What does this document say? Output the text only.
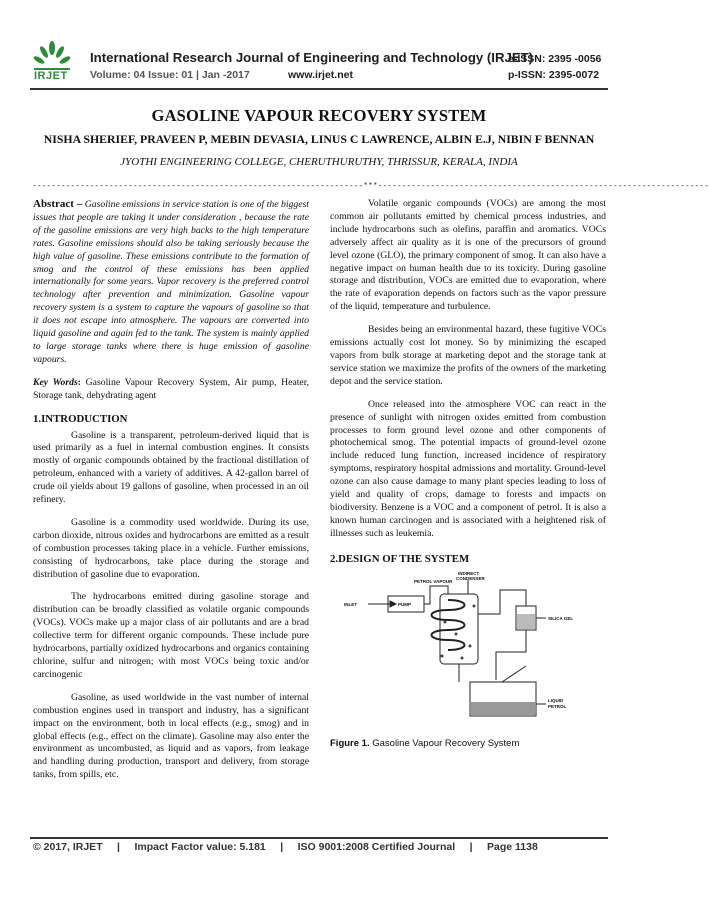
IRJET
International Research Journal of Engineering and Technology (IRJET)
Volume: 04 Issue: 01 | Jan -2017	www.irjet.net
e-ISSN: 2395 -0056
p-ISSN: 2395-0072
GASOLINE VAPOUR RECOVERY SYSTEM
NISHA SHERIEF, PRAVEEN P, MEBIN DEVASIA, LINUS C LAWRENCE, ALBIN E.J, NIBIN F BENNAN
JYOTHI ENGINEERING COLLEGE, CHERUTHURUTHY, THRISSUR, KERALA, INDIA
---------------------------------------------------------------------***---------------------------------------------------------------------

Abstract – Gasoline emissions in service station is one of the biggest issues that people are taking it under consideration , because the rate of the gasoline emissions are very high backs to the high temperature rates. Gasoline emissions should also be taking seriously because the high value of gasoline. These emissions contribute to the formation of smog and the control of these emissions has been applied internationally for some years. Vapor recovery is the preferred control technology after prevention and minimization. Gasoline vapour recovery system is a system to capture the vapours of gasoline so that it does not escape into atmosphere. The vapours are converted into liquid gasoline and again fed to the tank. The system is mainly applied to large storage tanks where there is huge emission of gasoline vapours.

Key Words: Gasoline Vapour Recovery System, Air pump, Heater, Storage tank, dehydrating agent

1.INTRODUCTION

Gasoline is a transparent, petroleum-derived liquid that is used primarily as a fuel in internal combustion engines. It consists mostly of organic compounds obtained by the fractional distillation of petroleum, enhanced with a variety of additives. A 42-gallon barrel of crude oil yields about 19 gallons of gasoline, when processed in an oil refinery.

Gasoline is a commodity used worldwide. During its use, carbon dioxide, nitrous oxides and hydrocarbons are emitted as a result of combustion processes taking place in a vehicle. Further emissions, consisting of hydrocarbons, take place during the storage and distribution of gasoline due to evaporation.

The hydrocarbons emitted during gasoline storage and distribution can be broadly classified as volatile organic compounds (VOCs). VOCs make up a major class of air pollutants and are a brad collective term for different organic compounds. These include pure hydrocarbons, partially oxidized hydrocarbons and organics containing chlorine, sulfur and nitrogen; with most VOCs being toxic and/or carcinogenic

Gasoline, as used worldwide in the vast number of internal combustion engines used in transport and industry, has a significant impact on the environment, both in local effects (e.g., smog) and in global effects (e.g., effect on the climate). Gasoline may also enter the environment as uncombusted, as liquid and as vapors, from leakage and handling during production, transport and delivery, from storage tanks, from spills, etc.

Volatile organic compounds (VOCs) are among the most common air pollutants emitted by chemical process industries, and include hydrocarbons such as olefins, paraffin and aromatics. VOCs adversely affect air quality as it is one of the precursors of ground level ozone (GLO), the primary component of smog. It can also have a negative impact on human health due to its toxicity. During gasoline storage and distribution, VOCs are emitted due to evaporation, where the rate of evaporation depends on factors such as the vapor pressure of the liquid, temperature and turbulence.

Besides being an environmental hazard, these fugitive VOCs emissions actually cost lot money. So by minimizing the escaped vapors from bulk storage at marketing depot and the storage tank at service station we maximize the profits of the owners of the marketing depot and the service station.

Once released into the atmosphere VOC can react in the presence of sunlight with nitrogen oxides emitted from combustion processes to form ground level ozone and other components of photochemical smog. The potential impacts of ground-level ozone include reduced lung function, increased incidence of respiratory symptoms, respiratory hospital admissions and mortality. Ground-level ozone can also cause damage to many plant species leading to loss of yield and quality of crops, damage to forests and impacts on biodiversity. Benzene is a VOC and a component of petrol. It is also a known human carcinogen and is associated with a heightened risk of illnesses such as leukemia.

2.DESIGN OF THE SYSTEM
INLET	PUMP
PETROL VAPOUR
INDIRECT
CONDENSER
SILICA GEL
LIQUID
PETROL

Figure 1. Gasoline Vapour Recovery System

© 2017, IRJET | Impact Factor value: 5.181 | ISO 9001:2008 Certified Journal | Page 1138
